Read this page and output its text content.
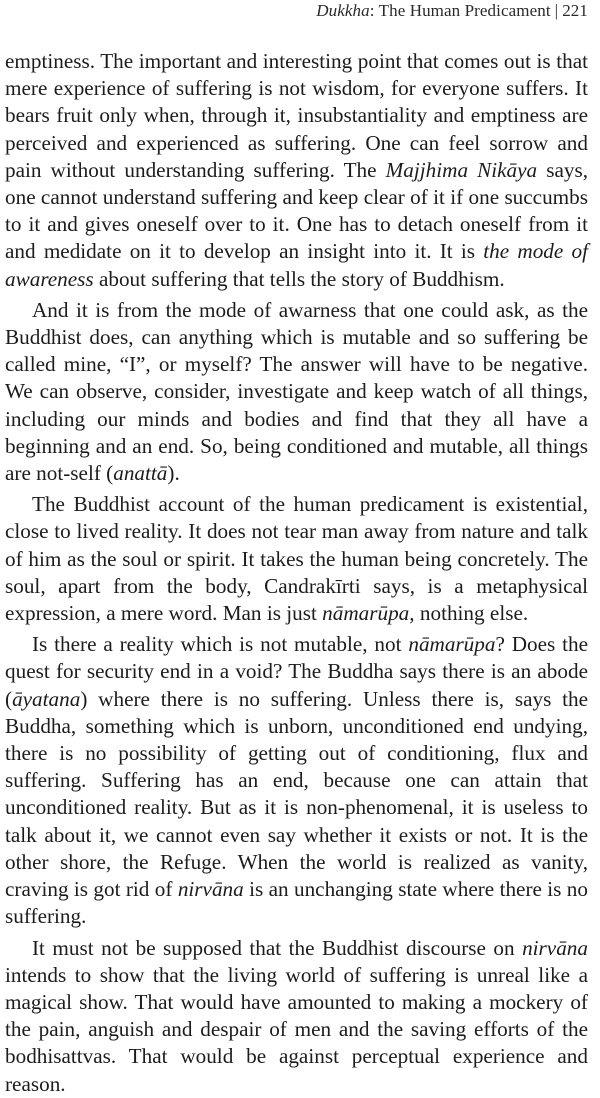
Dukkha: The Human Predicament | 221

emptiness. The important and interesting point that comes out is that mere experience of suffering is not wisdom, for everyone suffers. It bears fruit only when, through it, insubstantiality and emptiness are perceived and experienced as suffering. One can feel sorrow and pain without understanding suffering. The Majjhima Nikāya says, one cannot understand suffering and keep clear of it if one succumbs to it and gives oneself over to it. One has to detach oneself from it and medidate on it to develop an insight into it. It is the mode of awareness about suffering that tells the story of Buddhism.

And it is from the mode of awarness that one could ask, as the Buddhist does, can anything which is mutable and so suffering be called mine, “I”, or myself? The answer will have to be negative. We can observe, consider, investigate and keep watch of all things, including our minds and bodies and find that they all have a beginning and an end. So, being conditioned and mutable, all things are not-self (anattā).

The Buddhist account of the human predicament is existential, close to lived reality. It does not tear man away from nature and talk of him as the soul or spirit. It takes the human being concretely. The soul, apart from the body, Candrakīrti says, is a metaphysical expression, a mere word. Man is just nāmarūpa, nothing else.

Is there a reality which is not mutable, not nāmarūpa? Does the quest for security end in a void? The Buddha says there is an abode (āyatana) where there is no suffering. Unless there is, says the Buddha, something which is unborn, unconditioned end undying, there is no possibility of getting out of conditioning, flux and suffering. Suffering has an end, because one can attain that unconditioned reality. But as it is non-phenomenal, it is useless to talk about it, we cannot even say whether it exists or not. It is the other shore, the Refuge. When the world is realized as vanity, craving is got rid of nirvāna is an unchanging state where there is no suffering.

It must not be supposed that the Buddhist discourse on nirvāna intends to show that the living world of suffering is unreal like a magical show. That would have amounted to making a mockery of the pain, anguish and despair of men and the saving efforts of the bodhisattvas. That would be against perceptual experience and reason.
